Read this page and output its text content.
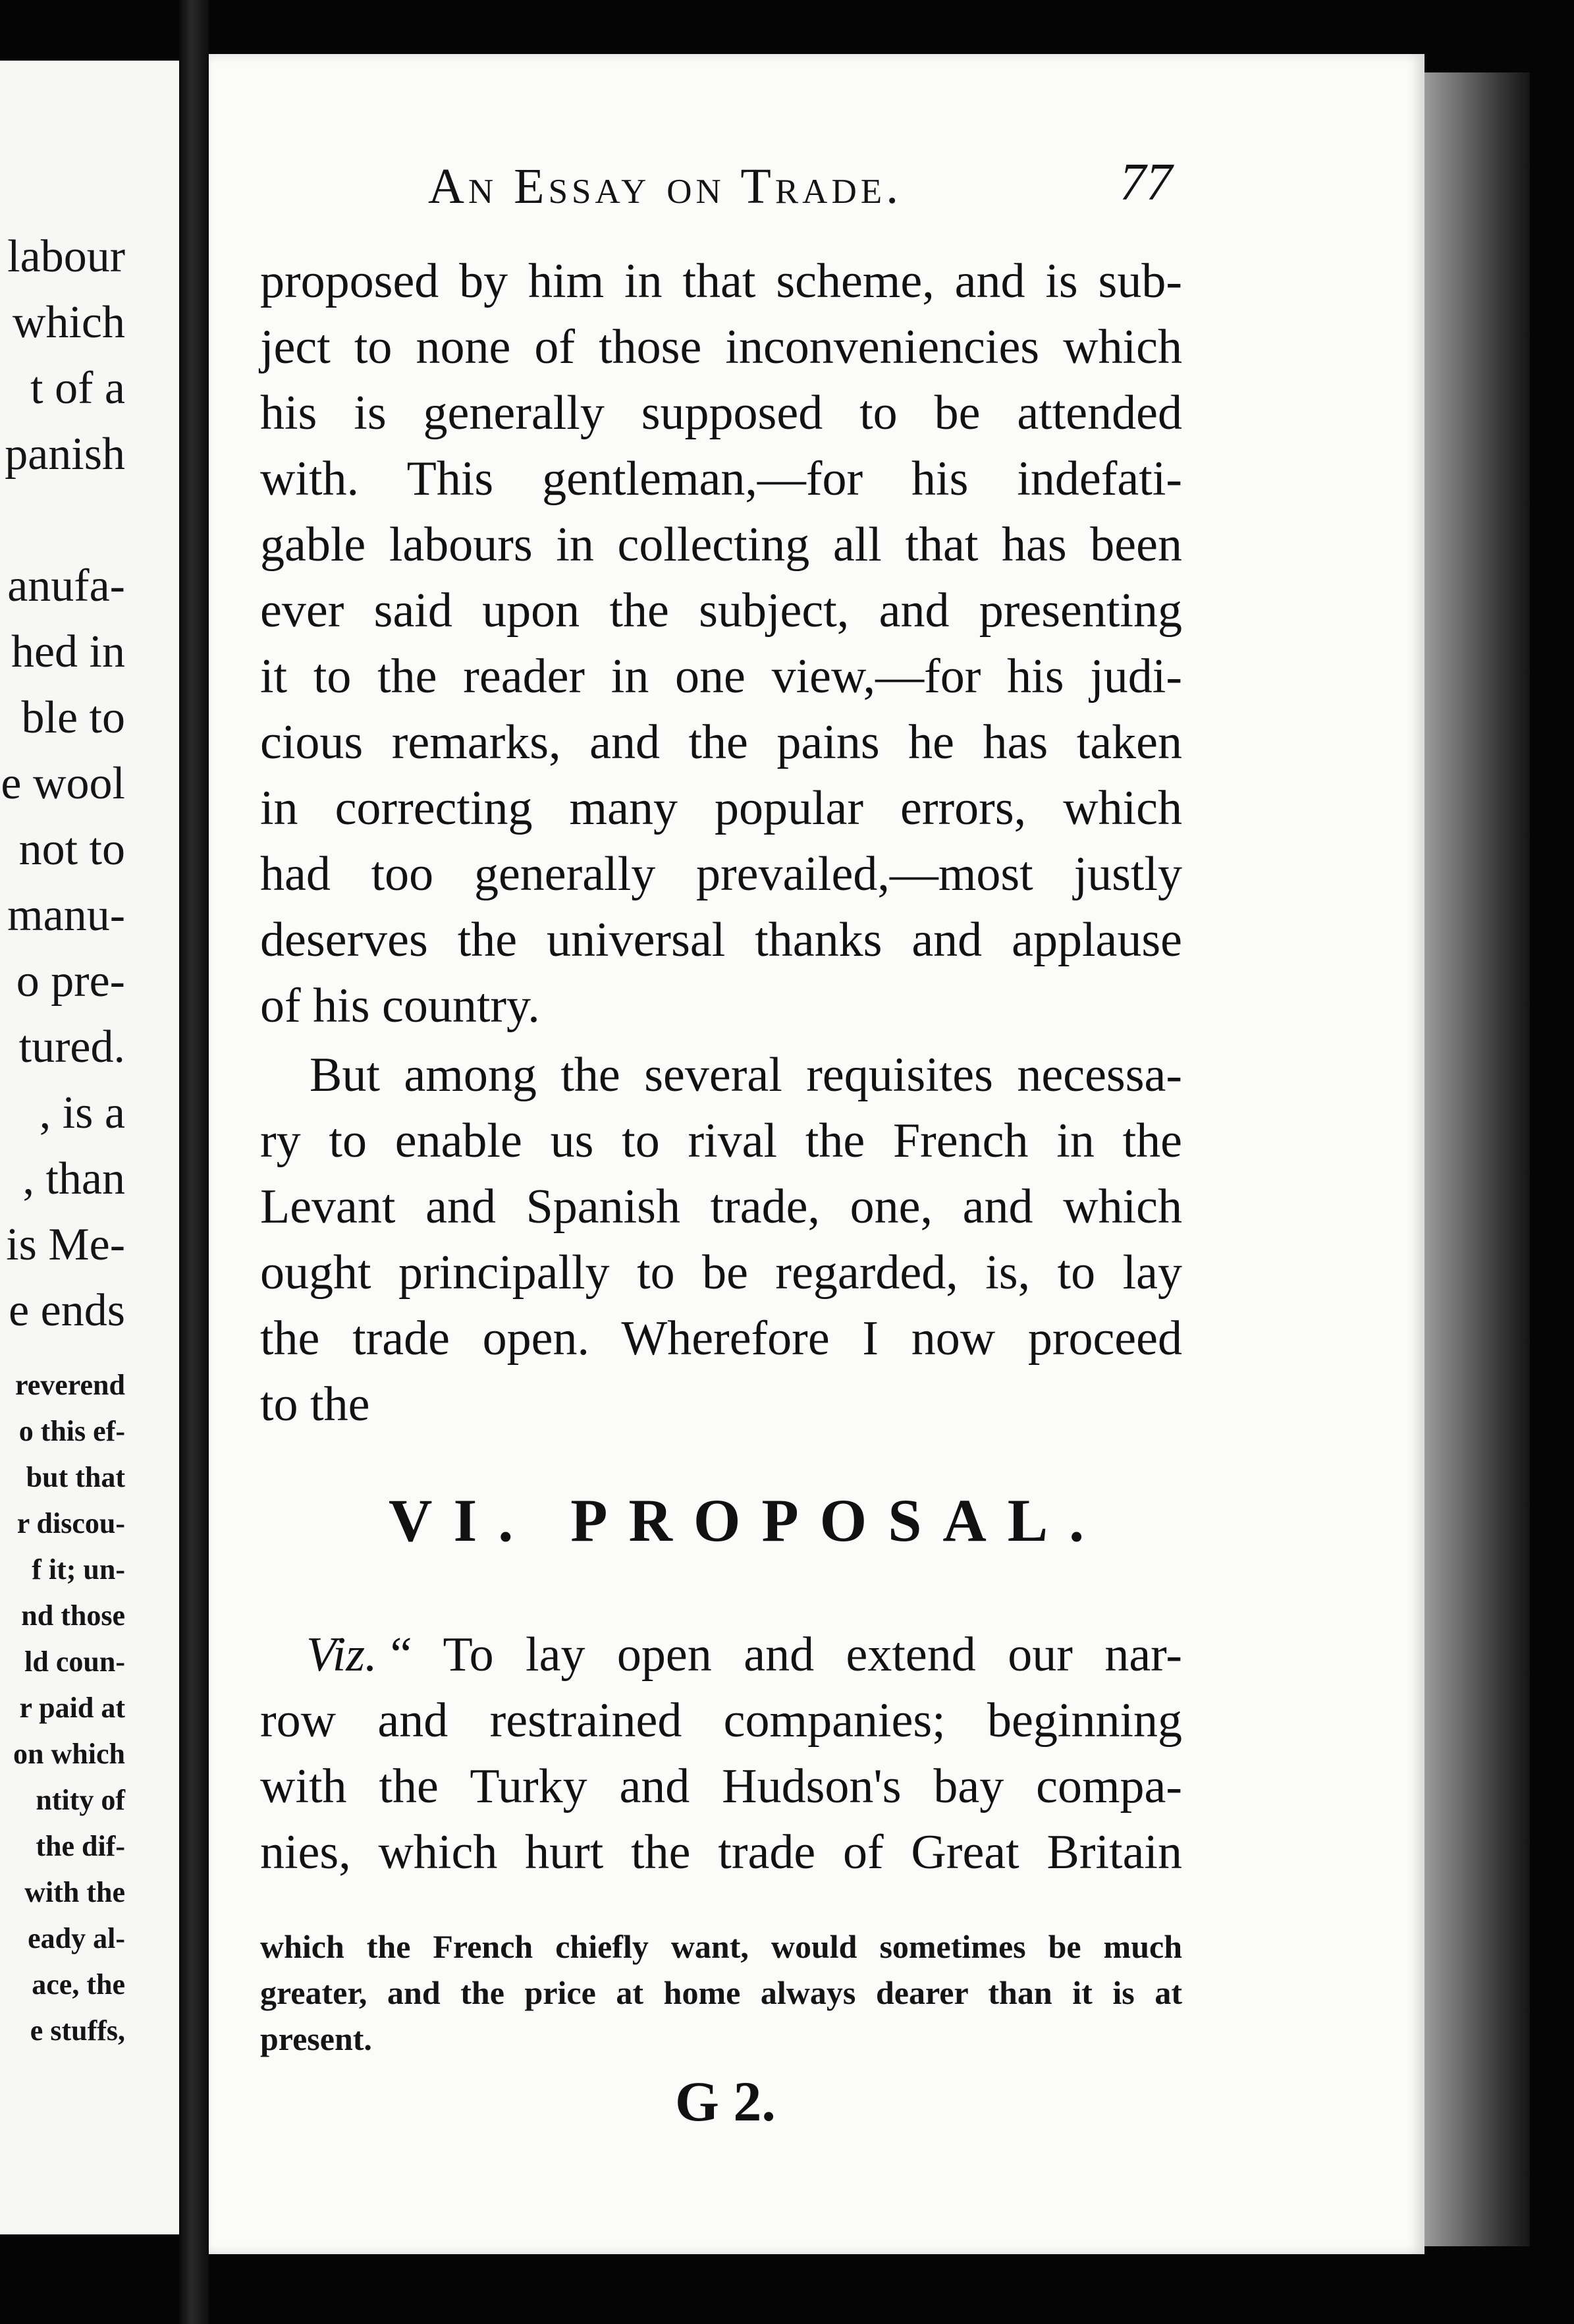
labour
which
t of a
panish
anufa-
hed in
ble to
e wool
not to
manu-
o pre-
tured.
, is a
, than
is Me-
e ends
reverend
o this ef-
but that
r discou-
f it; un-
nd those
ld coun-
r paid at
on which
ntity of
the dif-
with the
eady al-
ace, the
e stuffs,
An Essay on Trade.	77
proposed by him in that scheme, and is sub-
ject to none of those inconveniencies which
his is generally supposed to be attended
with. This gentleman,—for his indefati-
gable labours in collecting all that has been
ever said upon the subject, and presenting
it to the reader in one view,—for his judi-
cious remarks, and the pains he has taken
in correcting many popular errors, which
had too generally prevailed,—most justly
deserves the universal thanks and applause
of his country.
But among the several requisites necessa-
ry to enable us to rival the French in the
Levant and Spanish trade, one, and which
ought principally to be regarded, is, to lay
the trade open. Wherefore I now proceed
to the
VI. PROPOSAL.
Viz. “ To lay open and extend our nar-
row and restrained companies; beginning
with the Turky and Hudson's bay compa-
nies, which hurt the trade of Great Britain
which the French chiefly want, would sometimes be much
greater, and the price at home always dearer than it is at
present.
G 2.
